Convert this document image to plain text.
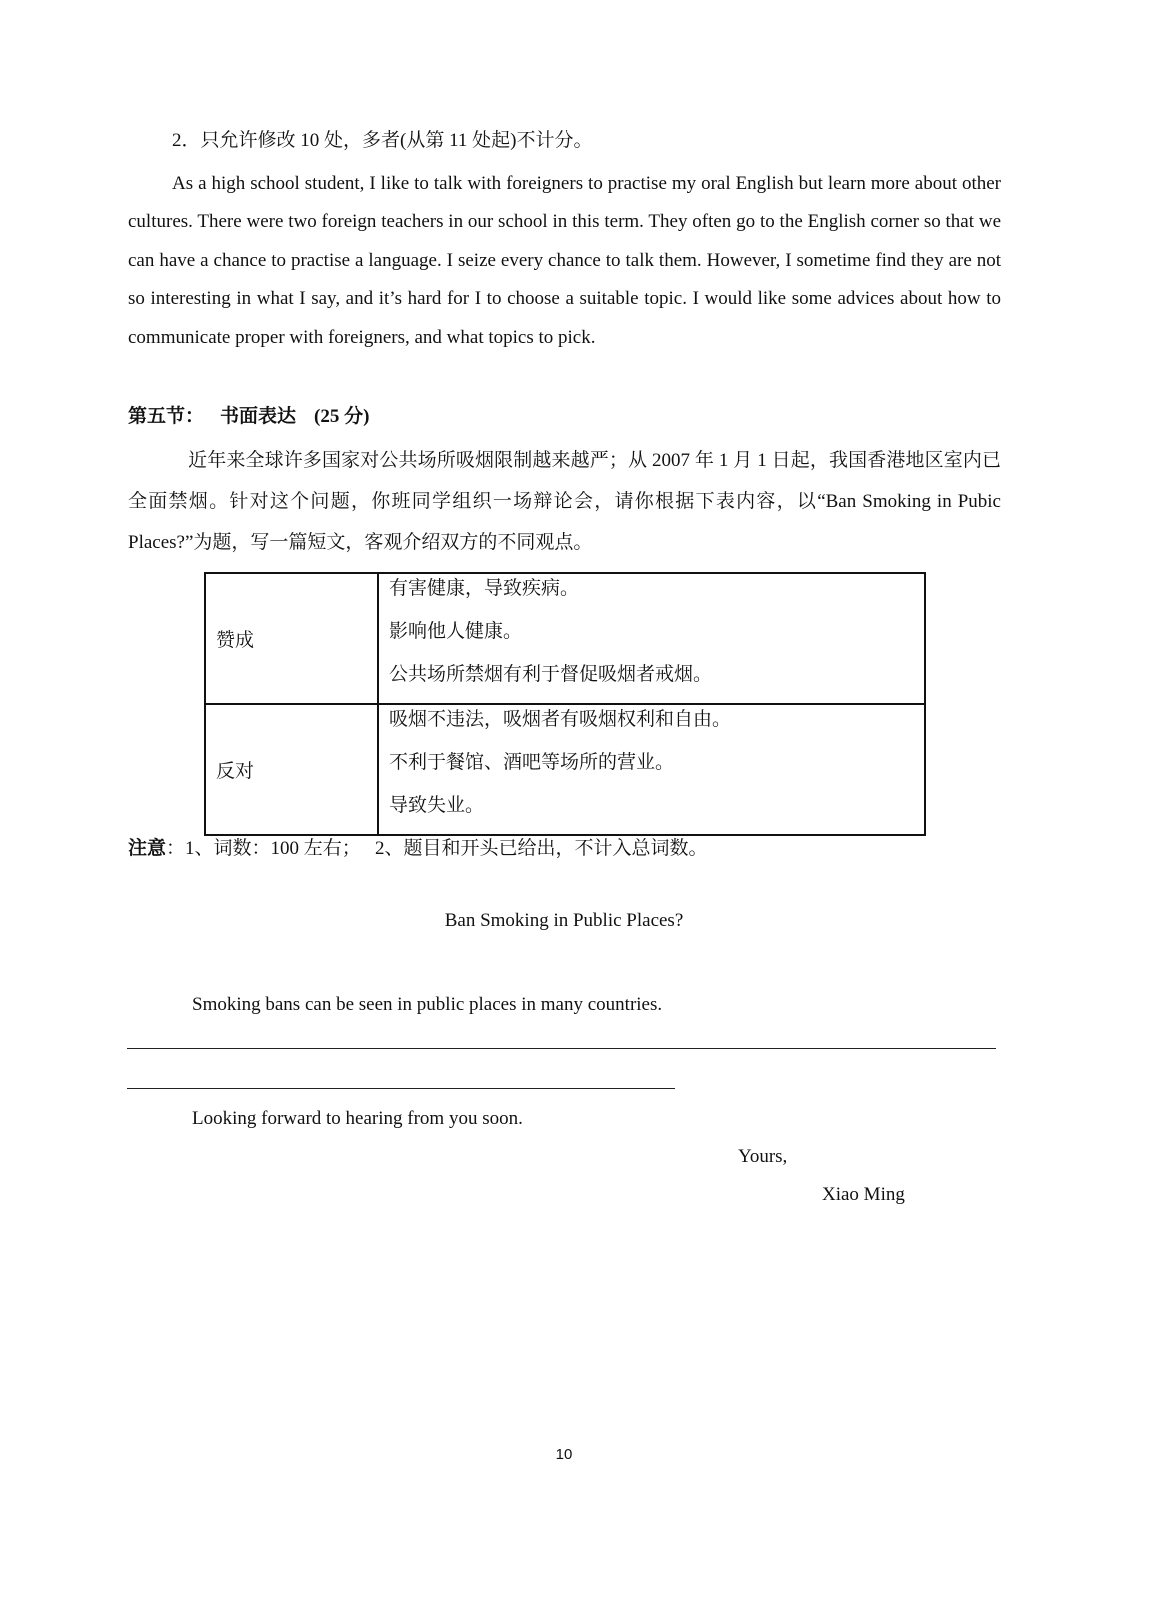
2．只允许修改 10 处，多者(从第 11 处起)不计分。
As a high school student, I like to talk with foreigners to practise my oral English but learn more about other cultures. There were two foreign teachers in our school in this term. They often go to the English corner so that we can have a chance to practise a language. I seize every chance to talk them. However, I sometime find they are not so interesting in what I say, and it’s hard for I to choose a suitable topic. I would like some advices about how to communicate proper with foreigners, and what topics to pick.
第五节： 书面表达 (25 分)
近年来全球许多国家对公共场所吸烟限制越来越严；从 2007 年 1 月 1 日起，我国香港地区室内已全面禁烟。针对这个问题，你班同学组织一场辩论会，请你根据下表内容，以“Ban Smoking in Pubic Places?”为题，写一篇短文，客观介绍双方的不同观点。
赞成	有害健康，导致疾病。
影响他人健康。
公共场所禁烟有利于督促吸烟者戒烟。

反对	吸烟不违法，吸烟者有吸烟权利和自由。
不利于餐馆、酒吧等场所的营业。
导致失业。
注意：1、词数：100 左右；   2、题目和开头已给出，不计入总词数。
Ban Smoking in Public Places?
Smoking bans can be seen in public places in many countries.
Looking forward to hearing from you soon.
Yours,
Xiao Ming
10
